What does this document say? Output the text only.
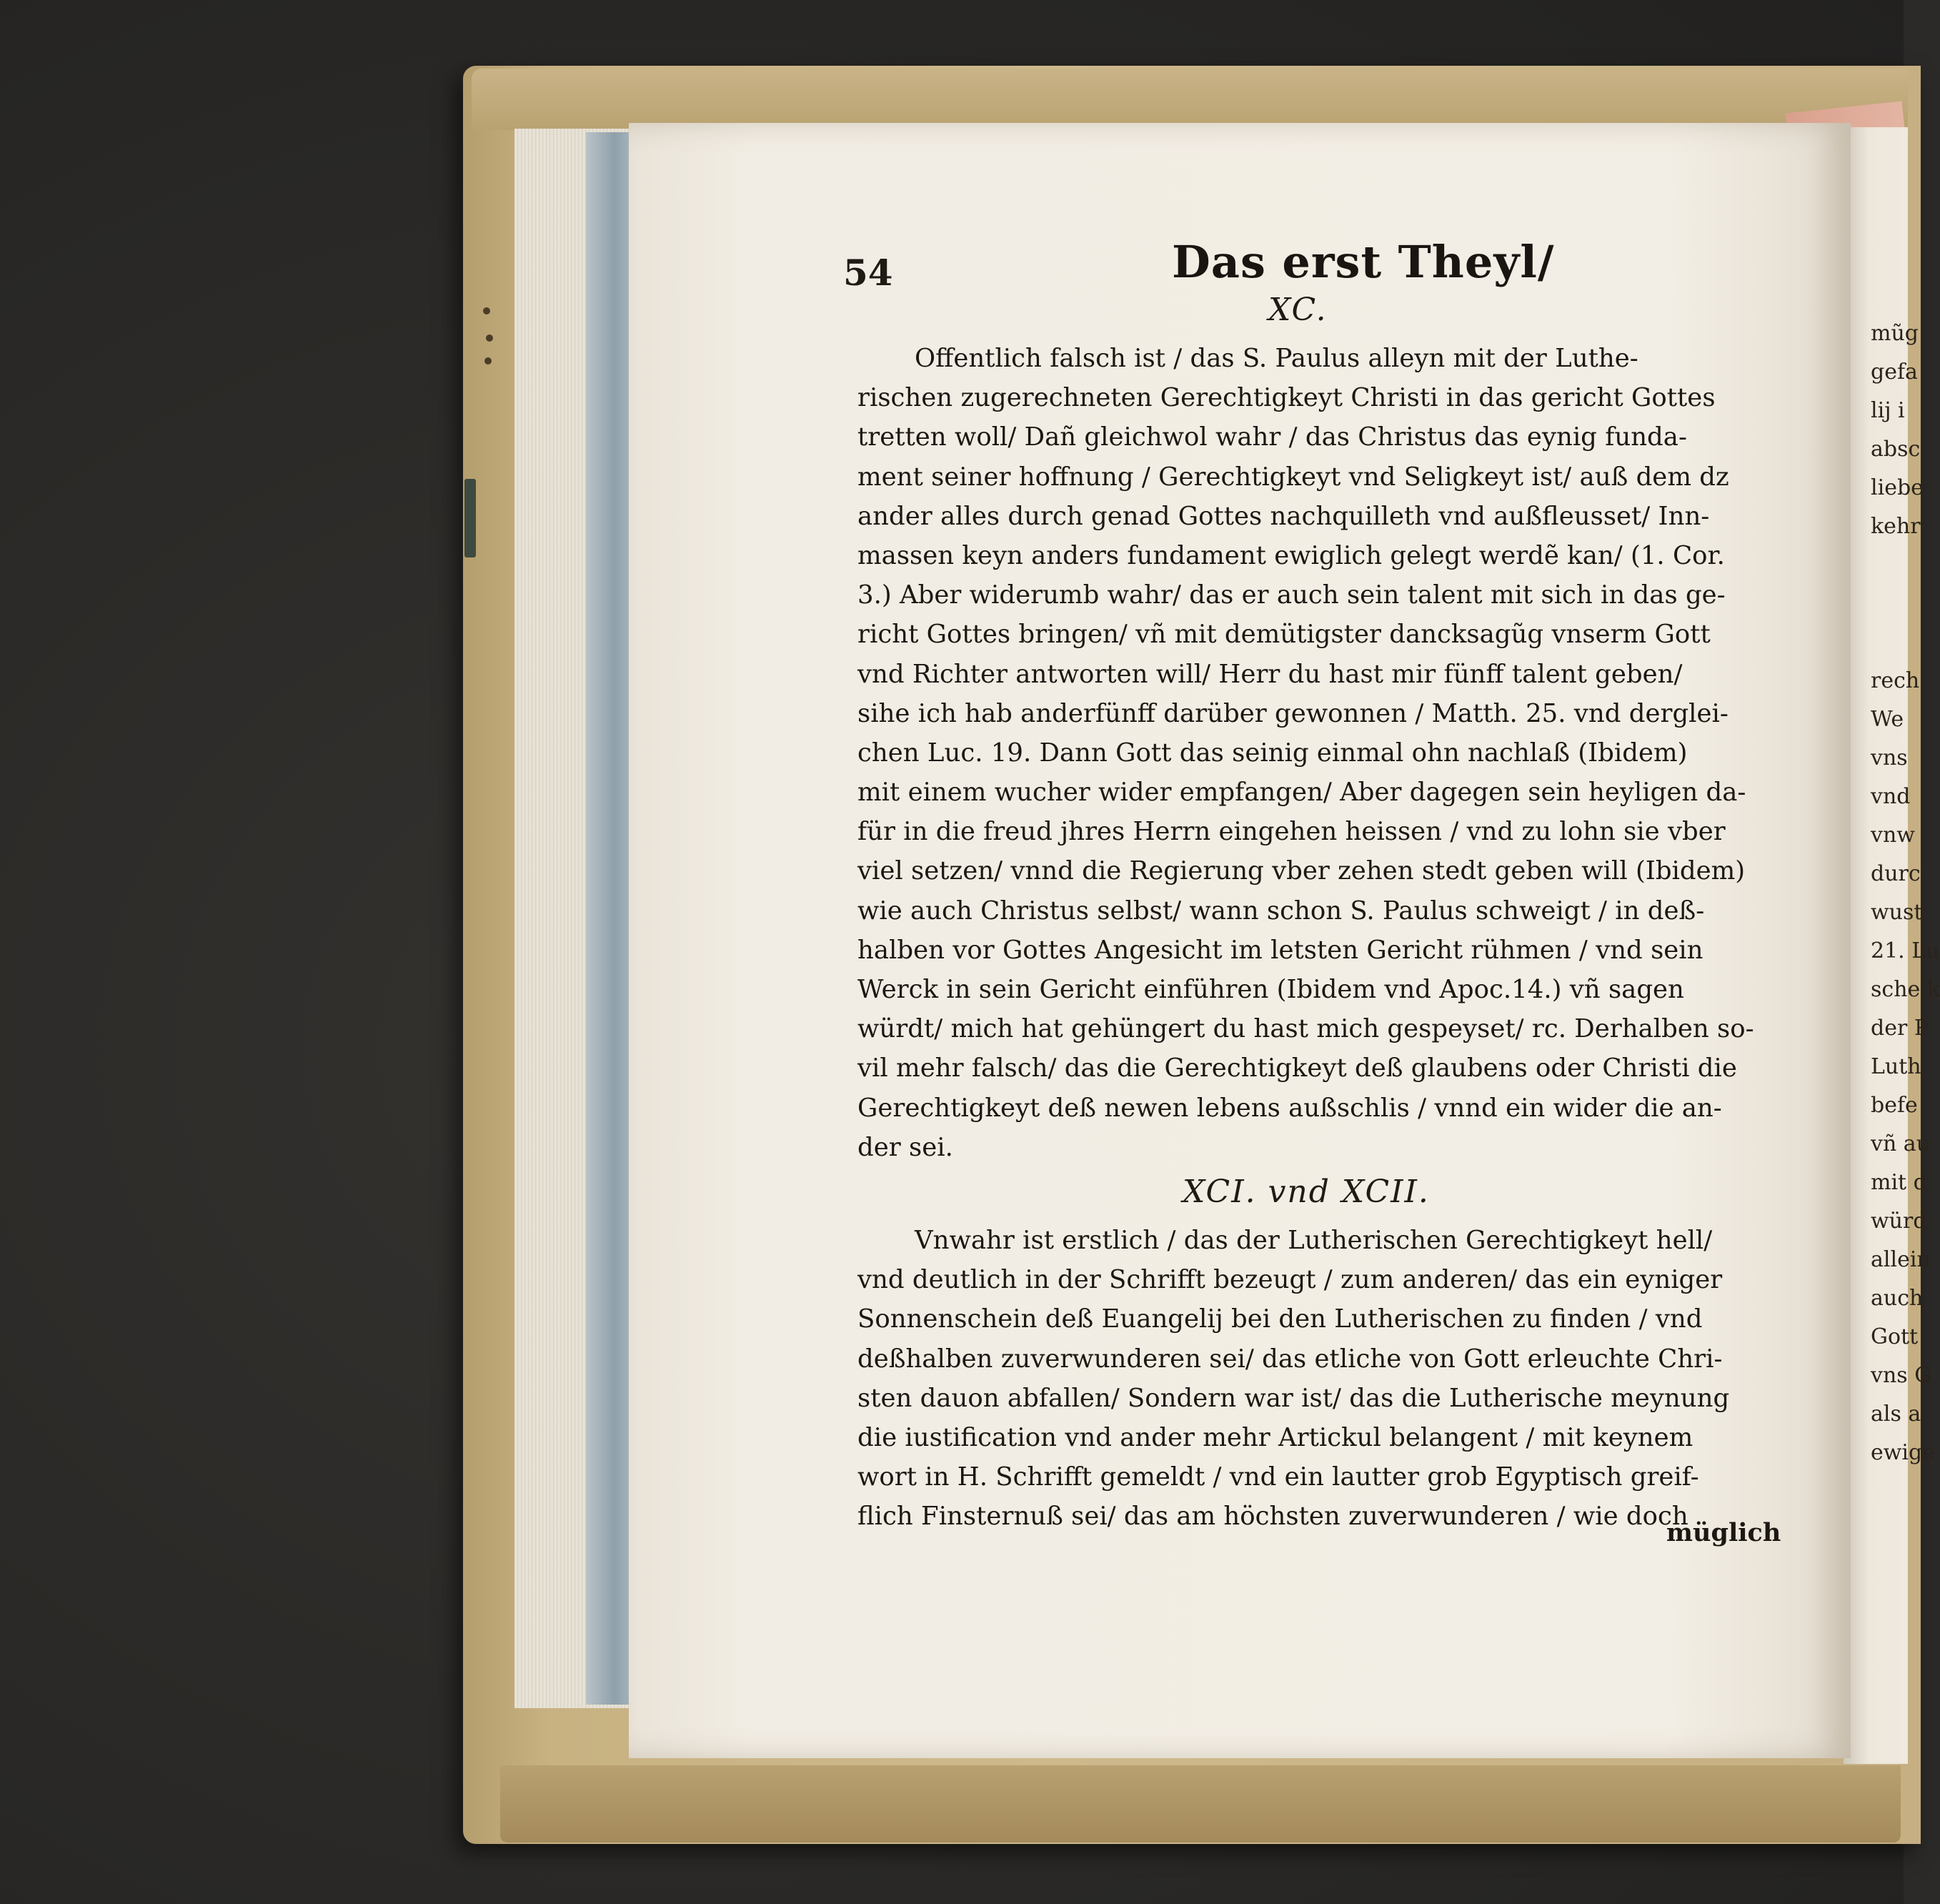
mũg
gefa
lij i
absc
liebe
kehr
rech
We
vns
vnd
vnw
durc
wust
21. Lu
sche k
der P
Luth
befe
vñ au
mit d
würd
allein
auch
Gott
vns G
als a
ewige
54	Das erst Theyl/
XC.
Offentlich falsch ist / das S. Paulus alleyn mit der Luthe-
rischen zugerechneten Gerechtigkeyt Christi in das gericht Gottes
tretten woll/ Dañ gleichwol wahr / das Christus das eynig funda-
ment seiner hoffnung / Gerechtigkeyt vnd Seligkeyt ist/ auß dem dz
ander alles durch genad Gottes nachquilleth vnd außfleusset/ Inn-
massen keyn anders fundament ewiglich gelegt werdẽ kan/ (1. Cor.
3.) Aber widerumb wahr/ das er auch sein talent mit sich in das ge-
richt Gottes bringen/ vñ mit demütigster dancksagũg vnserm Gott
vnd Richter antworten will/ Herr du hast mir fünff talent geben/
sihe ich hab anderfünff darüber gewonnen / Matth. 25. vnd derglei-
chen Luc. 19. Dann Gott das seinig einmal ohn nachlaß (Ibidem)
mit einem wucher wider empfangen/ Aber dagegen sein heyligen da-
für in die freud jhres Herrn eingehen heissen / vnd zu lohn sie vber
viel setzen/ vnnd die Regierung vber zehen stedt geben will (Ibidem)
wie auch Christus selbst/ wann schon S. Paulus schweigt / in deß-
halben vor Gottes Angesicht im letsten Gericht rühmen / vnd sein
Werck in sein Gericht einführen (Ibidem vnd Apoc.14.) vñ sagen
würdt/ mich hat gehüngert du hast mich gespeyset/ rc. Derhalben so-
vil mehr falsch/ das die Gerechtigkeyt deß glaubens oder Christi die
Gerechtigkeyt deß newen lebens außschlis / vnnd ein wider die an-
der sei.
XCI. vnd XCII.
Vnwahr ist erstlich / das der Lutherischen Gerechtigkeyt hell/
vnd deutlich in der Schrifft bezeugt / zum anderen/ das ein eyniger
Sonnenschein deß Euangelij bei den Lutherischen zu finden / vnd
deßhalben zuverwunderen sei/ das etliche von Gott erleuchte Chri-
sten dauon abfallen/ Sondern war ist/ das die Lutherische meynung
die iustification vnd ander mehr Artickul belangent / mit keynem
wort in H. Schrifft gemeldt / vnd ein lautter grob Egyptisch greif-
flich Finsternuß sei/ das am höchsten zuverwunderen / wie doch
müglich
